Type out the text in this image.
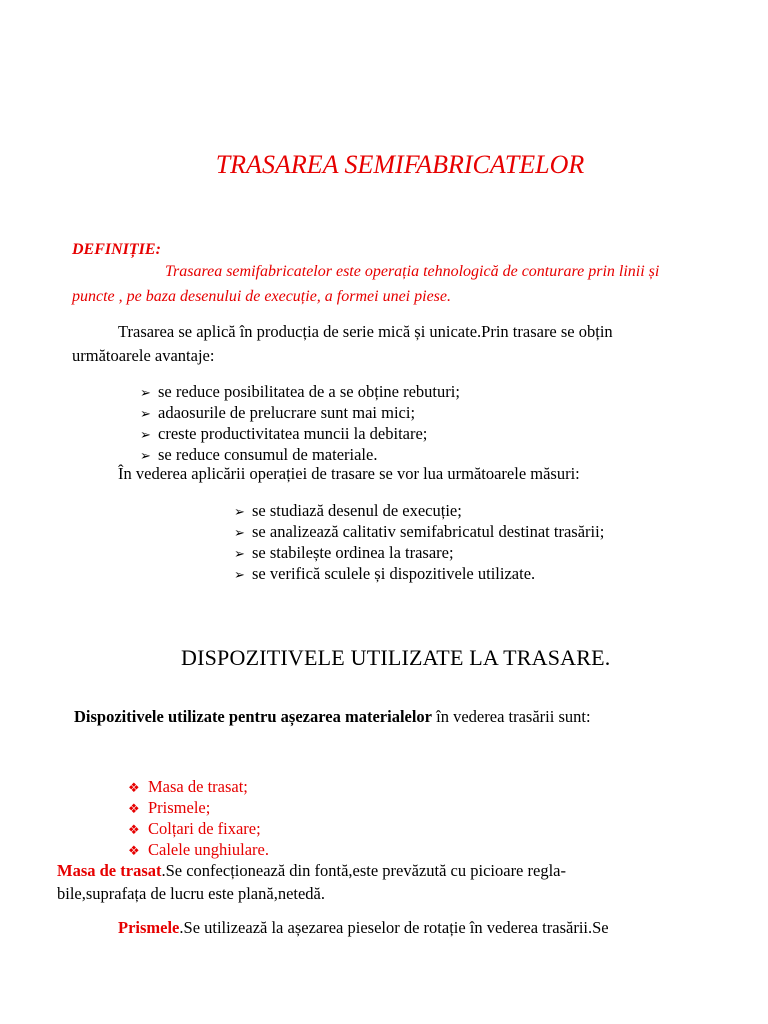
TRASAREA SEMIFABRICATELOR
DEFINIȚIE:
Trasarea semifabricatelor este operația tehnologică de conturare prin linii și
puncte , pe baza desenului de execuție, a formei unei piese.
Trasarea se aplică în producția de serie mică și unicate.Prin trasare se obțin
următoarele avantaje:
➢ se reduce posibilitatea de a se obține rebuturi;
➢ adaosurile de prelucrare sunt mai mici;
➢ creste productivitatea muncii la debitare;
➢ se reduce consumul de materiale.
În vederea aplicării operației de trasare se vor lua următoarele măsuri:
➢ se studiază desenul de execuție;
➢ se analizează calitativ semifabricatul destinat trasării;
➢ se stabilește ordinea la trasare;
➢ se verifică sculele și dispozitivele utilizate.
DISPOZITIVELE UTILIZATE LA TRASARE.
Dispozitivele utilizate pentru așezarea materialelor în vederea trasării sunt:
❖ Masa de trasat;
❖ Prismele;
❖ Colțari de fixare;
❖ Calele unghiulare.
Masa de trasat.Se confecționează din fontă,este prevăzută cu picioare regla-
bile,suprafața de lucru este plană,netedă.
Prismele.Se utilizează la așezarea pieselor de rotație în vederea trasării.Se
